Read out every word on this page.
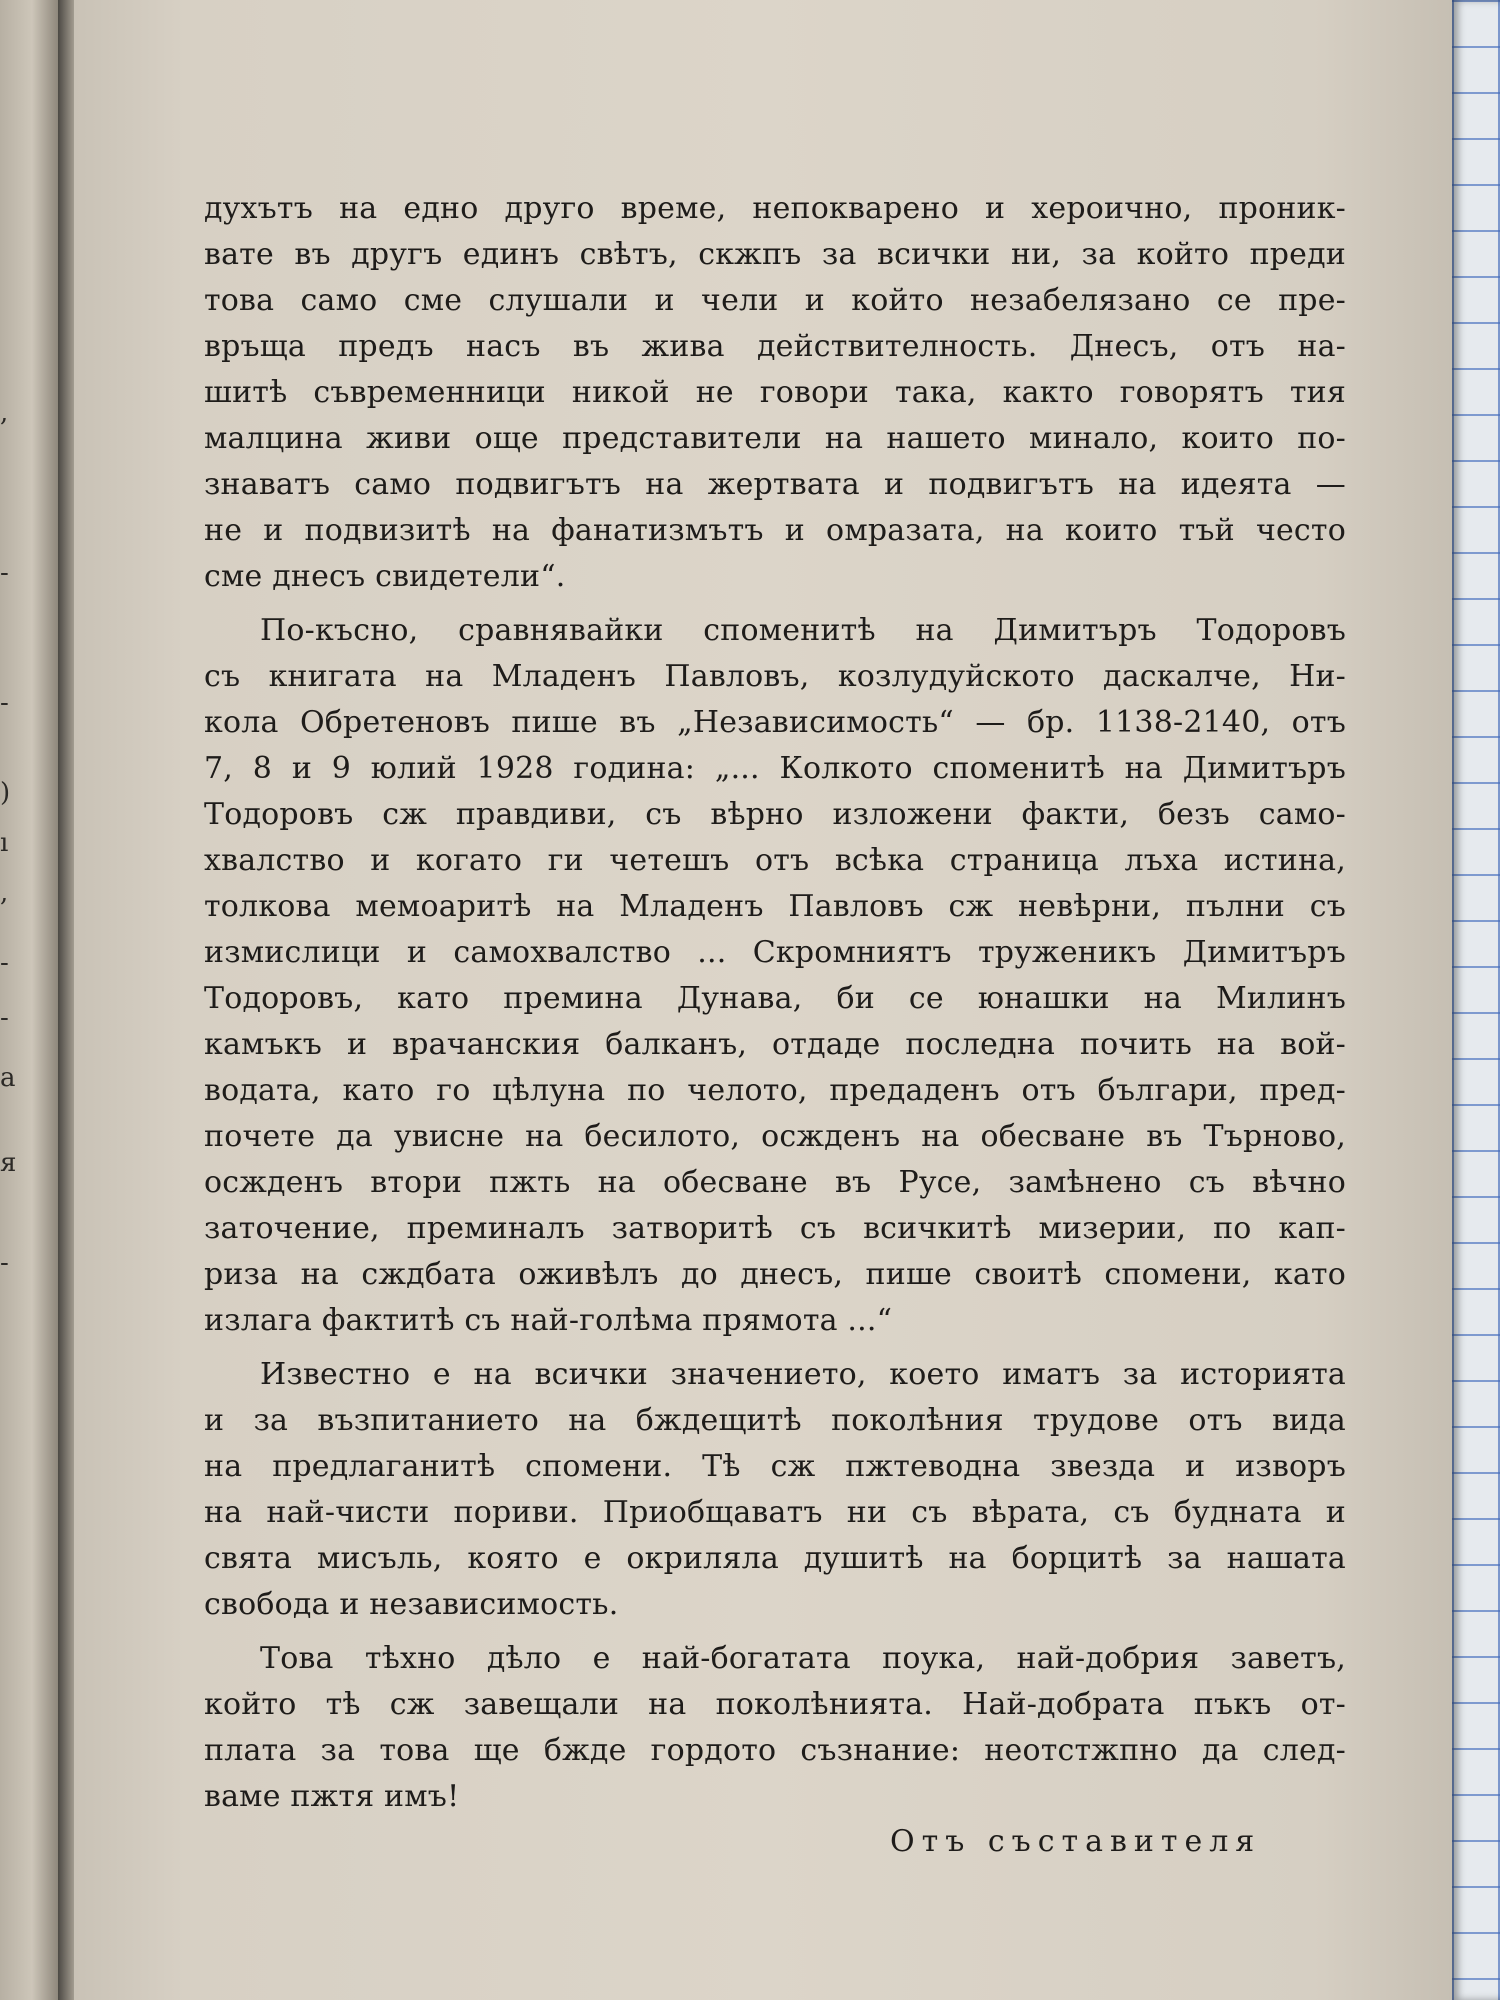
,
-
-
)
ı
,
-
-
a
я
-
духътъ на едно друго време, непокварено и хероично, проник-
вате въ другъ единъ свѣтъ, скжпъ за всички ни, за който преди
това само сме слушали и чели и който незабелязано се пре-
връща предъ насъ въ жива действителность. Днесъ, отъ на-
шитѣ съвременници никой не говори така, както говорятъ тия
малцина живи още представители на нашето минало, които по-
знаватъ само подвигътъ на жертвата и подвигътъ на идеята —
не и подвизитѣ на фанатизмътъ и омразата, на които тъй често
сме днесъ свидетели“.
По-късно, сравнявайки споменитѣ на Димитъръ Тодоровъ
съ книгата на Младенъ Павловъ, козлудуйското даскалче, Ни-
кола Обретеновъ пише въ „Независимость“ — бр. 1138-2140, отъ
7, 8 и 9 юлий 1928 година: „... Колкото споменитѣ на Димитъръ
Тодоровъ сж правдиви, съ вѣрно изложени факти, безъ само-
хвалство и когато ги четешъ отъ всѣка страница лъха истина,
толкова мемоаритѣ на Младенъ Павловъ сж невѣрни, пълни съ
измислици и самохвалство ... Скромниятъ труженикъ Димитъръ
Тодоровъ, като премина Дунава, би се юнашки на Милинъ
камъкъ и врачанския балканъ, отдаде последна почить на вой-
водата, като го цѣлуна по челото, предаденъ отъ българи, пред-
почете да увисне на бесилото, осжденъ на обесване въ Търново,
осжденъ втори пжть на обесване въ Русе, замѣнено съ вѣчно
заточение, преминалъ затворитѣ съ всичкитѣ мизерии, по кап-
риза на сждбата оживѣлъ до днесъ, пише своитѣ спомени, като
излага фактитѣ съ най-голѣма прямота ...“
Известно е на всички значението, което иматъ за историята
и за възпитанието на бждещитѣ поколѣния трудове отъ вида
на предлаганитѣ спомени. Тѣ сж пжтеводна звезда и изворъ
на най-чисти пориви. Приобщаватъ ни съ вѣрата, съ будната и
свята мисъль, която е окриляла душитѣ на борцитѣ за нашата
свобода и независимость.
Това тѣхно дѣло е най-богатата поука, най-добрия заветъ,
който тѣ сж завещали на поколѣнията. Най-добрата пъкъ от-
плата за това ще бжде гордото съзнание: неотстжпно да след-
ваме пжтя имъ!
Отъ съставителя
